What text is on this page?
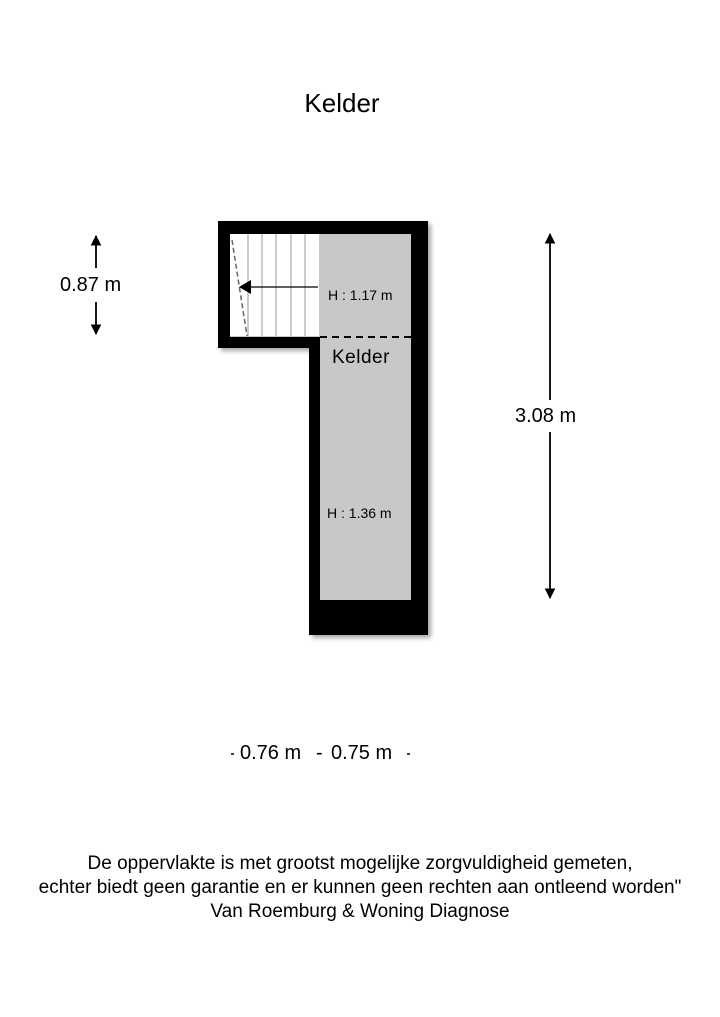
Kelder
0.87 m
3.08 m
0.76 m - 0.75 m
H : 1.17 m
Kelder
H : 1.36 m
De oppervlakte is met grootst mogelijke zorgvuldigheid gemeten,
echter biedt geen garantie en er kunnen geen rechten aan ontleend worden"
Van Roemburg & Woning Diagnose
